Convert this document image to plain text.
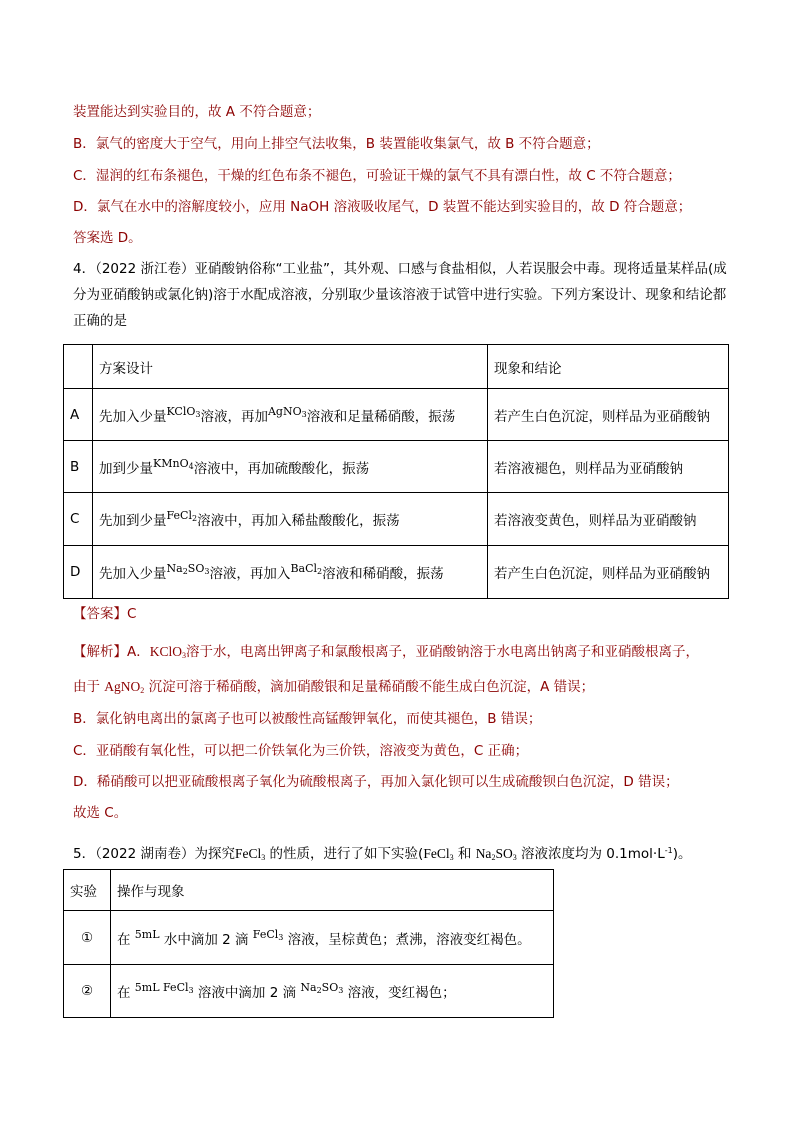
装置能达到实验目的，故 A 不符合题意；
B．氯气的密度大于空气，用向上排空气法收集，B 装置能收集氯气，故 B 不符合题意；
C．湿润的红布条褪色，干燥的红色布条不褪色，可验证干燥的氯气不具有漂白性，故 C 不符合题意；
D．氯气在水中的溶解度较小，应用 NaOH 溶液吸收尾气，D 装置不能达到实验目的，故 D 符合题意；
答案选 D。
4．（2022 浙江卷）亚硝酸钠俗称“工业盐”，其外观、口感与食盐相似，人若误服会中毒。现将适量某样品(成分为亚硝酸钠或氯化钠)溶于水配成溶液，分别取少量该溶液于试管中进行实验。下列方案设计、现象和结论都正确的是
	方案设计	现象和结论
A	先加入少量$^{KClO_3}$溶液，再加$^{AgNO_3}$溶液和足量稀硝酸，振荡	若产生白色沉淀，则样品为亚硝酸钠
B	加到少量$^{KMnO_4}$溶液中，再加硫酸酸化，振荡	若溶液褪色，则样品为亚硝酸钠
C	先加到少量$^{FeCl_2}$溶液中，再加入稀盐酸酸化，振荡	若溶液变黄色，则样品为亚硝酸钠
D	先加入少量$^{Na_2SO_3}$溶液，再加入$^{BaCl_2}$溶液和稀硝酸，振荡	若产生白色沉淀，则样品为亚硝酸钠
【答案】C
【解析】A．KClO$_3$溶于水，电离出钾离子和氯酸根离子，亚硝酸钠溶于水电离出钠离子和亚硝酸根离子，
由于 AgNO$_2$ 沉淀可溶于稀硝酸，滴加硝酸银和足量稀硝酸不能生成白色沉淀，A 错误；
B．氯化钠电离出的氯离子也可以被酸性高锰酸钾氧化，而使其褪色，B 错误；
C．亚硝酸有氧化性，可以把二价铁氧化为三价铁，溶液变为黄色，C 正确；
D．稀硝酸可以把亚硫酸根离子氧化为硫酸根离子，再加入氯化钡可以生成硫酸钡白色沉淀，D 错误；
故选 C。
5．（2022 湖南卷）为探究FeCl$_3$ 的性质，进行了如下实验(FeCl$_3$ 和 $Na_2SO_3$ 溶液浓度均为 $0.1mol\cdot L^{-1}$)。
实验	操作与现象
①	在 $^{5mL}$ 水中滴加 2 滴 $^{FeCl_3}$ 溶液，呈棕黄色；煮沸，溶液变红褐色。
②	在 $^{5mL FeCl_3}$ 溶液中滴加 2 滴 $^{Na_2SO_3}$ 溶液，变红褐色；
